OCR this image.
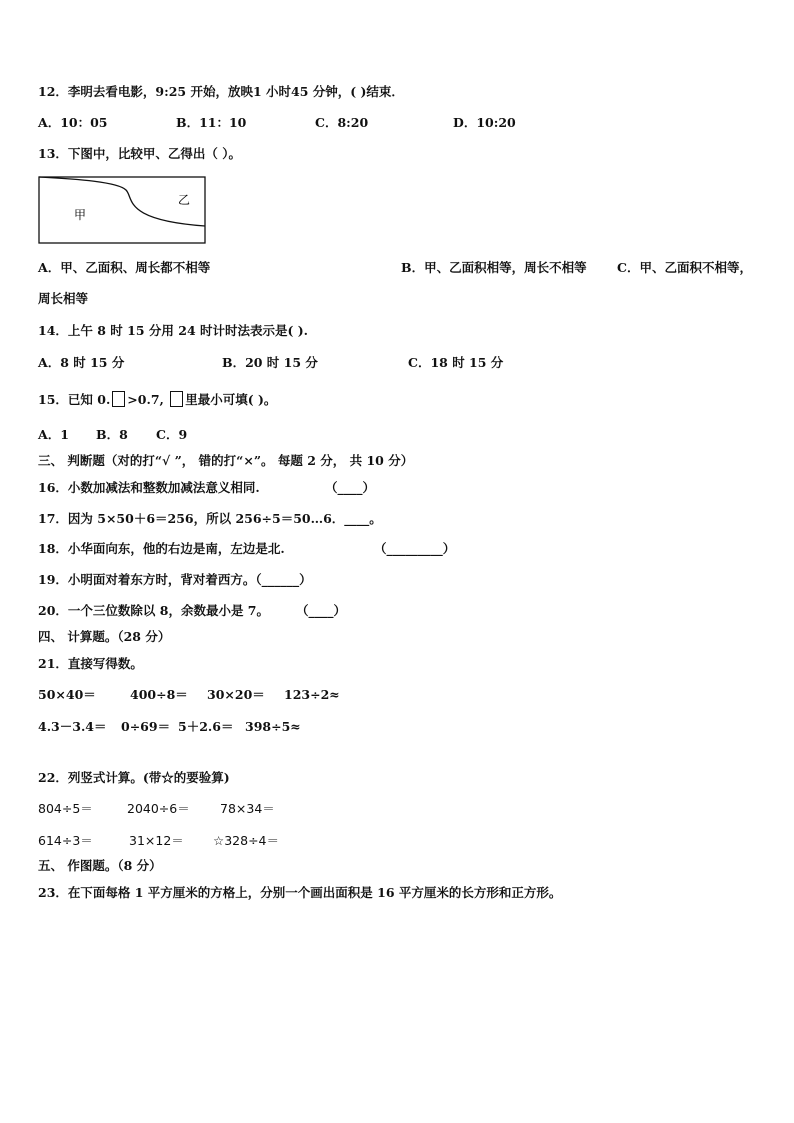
12．李明去看电影，9:25 开始，放映1 小时45 分钟，( )结束．
A．10：05	B．11：10	C．8:20	D．10:20
13．下图中，比较甲、乙得出（ ）。
甲
乙
A．甲、乙面积、周长都不相等	B．甲、乙面积相等，周长不相等 C．甲、乙面积不相等，
周长相等
14．上午 8 时 15 分用 24 时计时法表示是( ).
A．8 时 15 分	B．20 时 15 分	C．18 时 15 分
15．已知 0. >0.7, 里最小可填( )。
A．1 B．8 C．9
三、 判断题（对的打“√ ”， 错的打“×”。 每题 2 分， 共 10 分）
16．小数加减法和整数加减法意义相同.	（____）
17．因为 5×50＋6＝256，所以 256÷5＝50…6．____。
18．小华面向东，他的右边是南，左边是北.	（_________）
19．小明面对着东方时，背对着西方。（______）
20．一个三位数除以 8，余数最小是 7。 （____）
四、 计算题。（28 分）
21．直接写得数。
50×40＝	400÷8＝ 30×20＝ 123÷2≈
4.3－3.4＝ 0÷69＝ 5＋2.6＝ 398÷5≈
22．列竖式计算。(带☆的要验算)
804÷5＝	2040÷6＝ 78×34＝
614÷3＝	31×12＝ ☆328÷4＝
五、 作图题。（8 分）
23．在下面每格 1 平方厘米的方格上，分别一个画出面积是 16 平方厘米的长方形和正方形。
